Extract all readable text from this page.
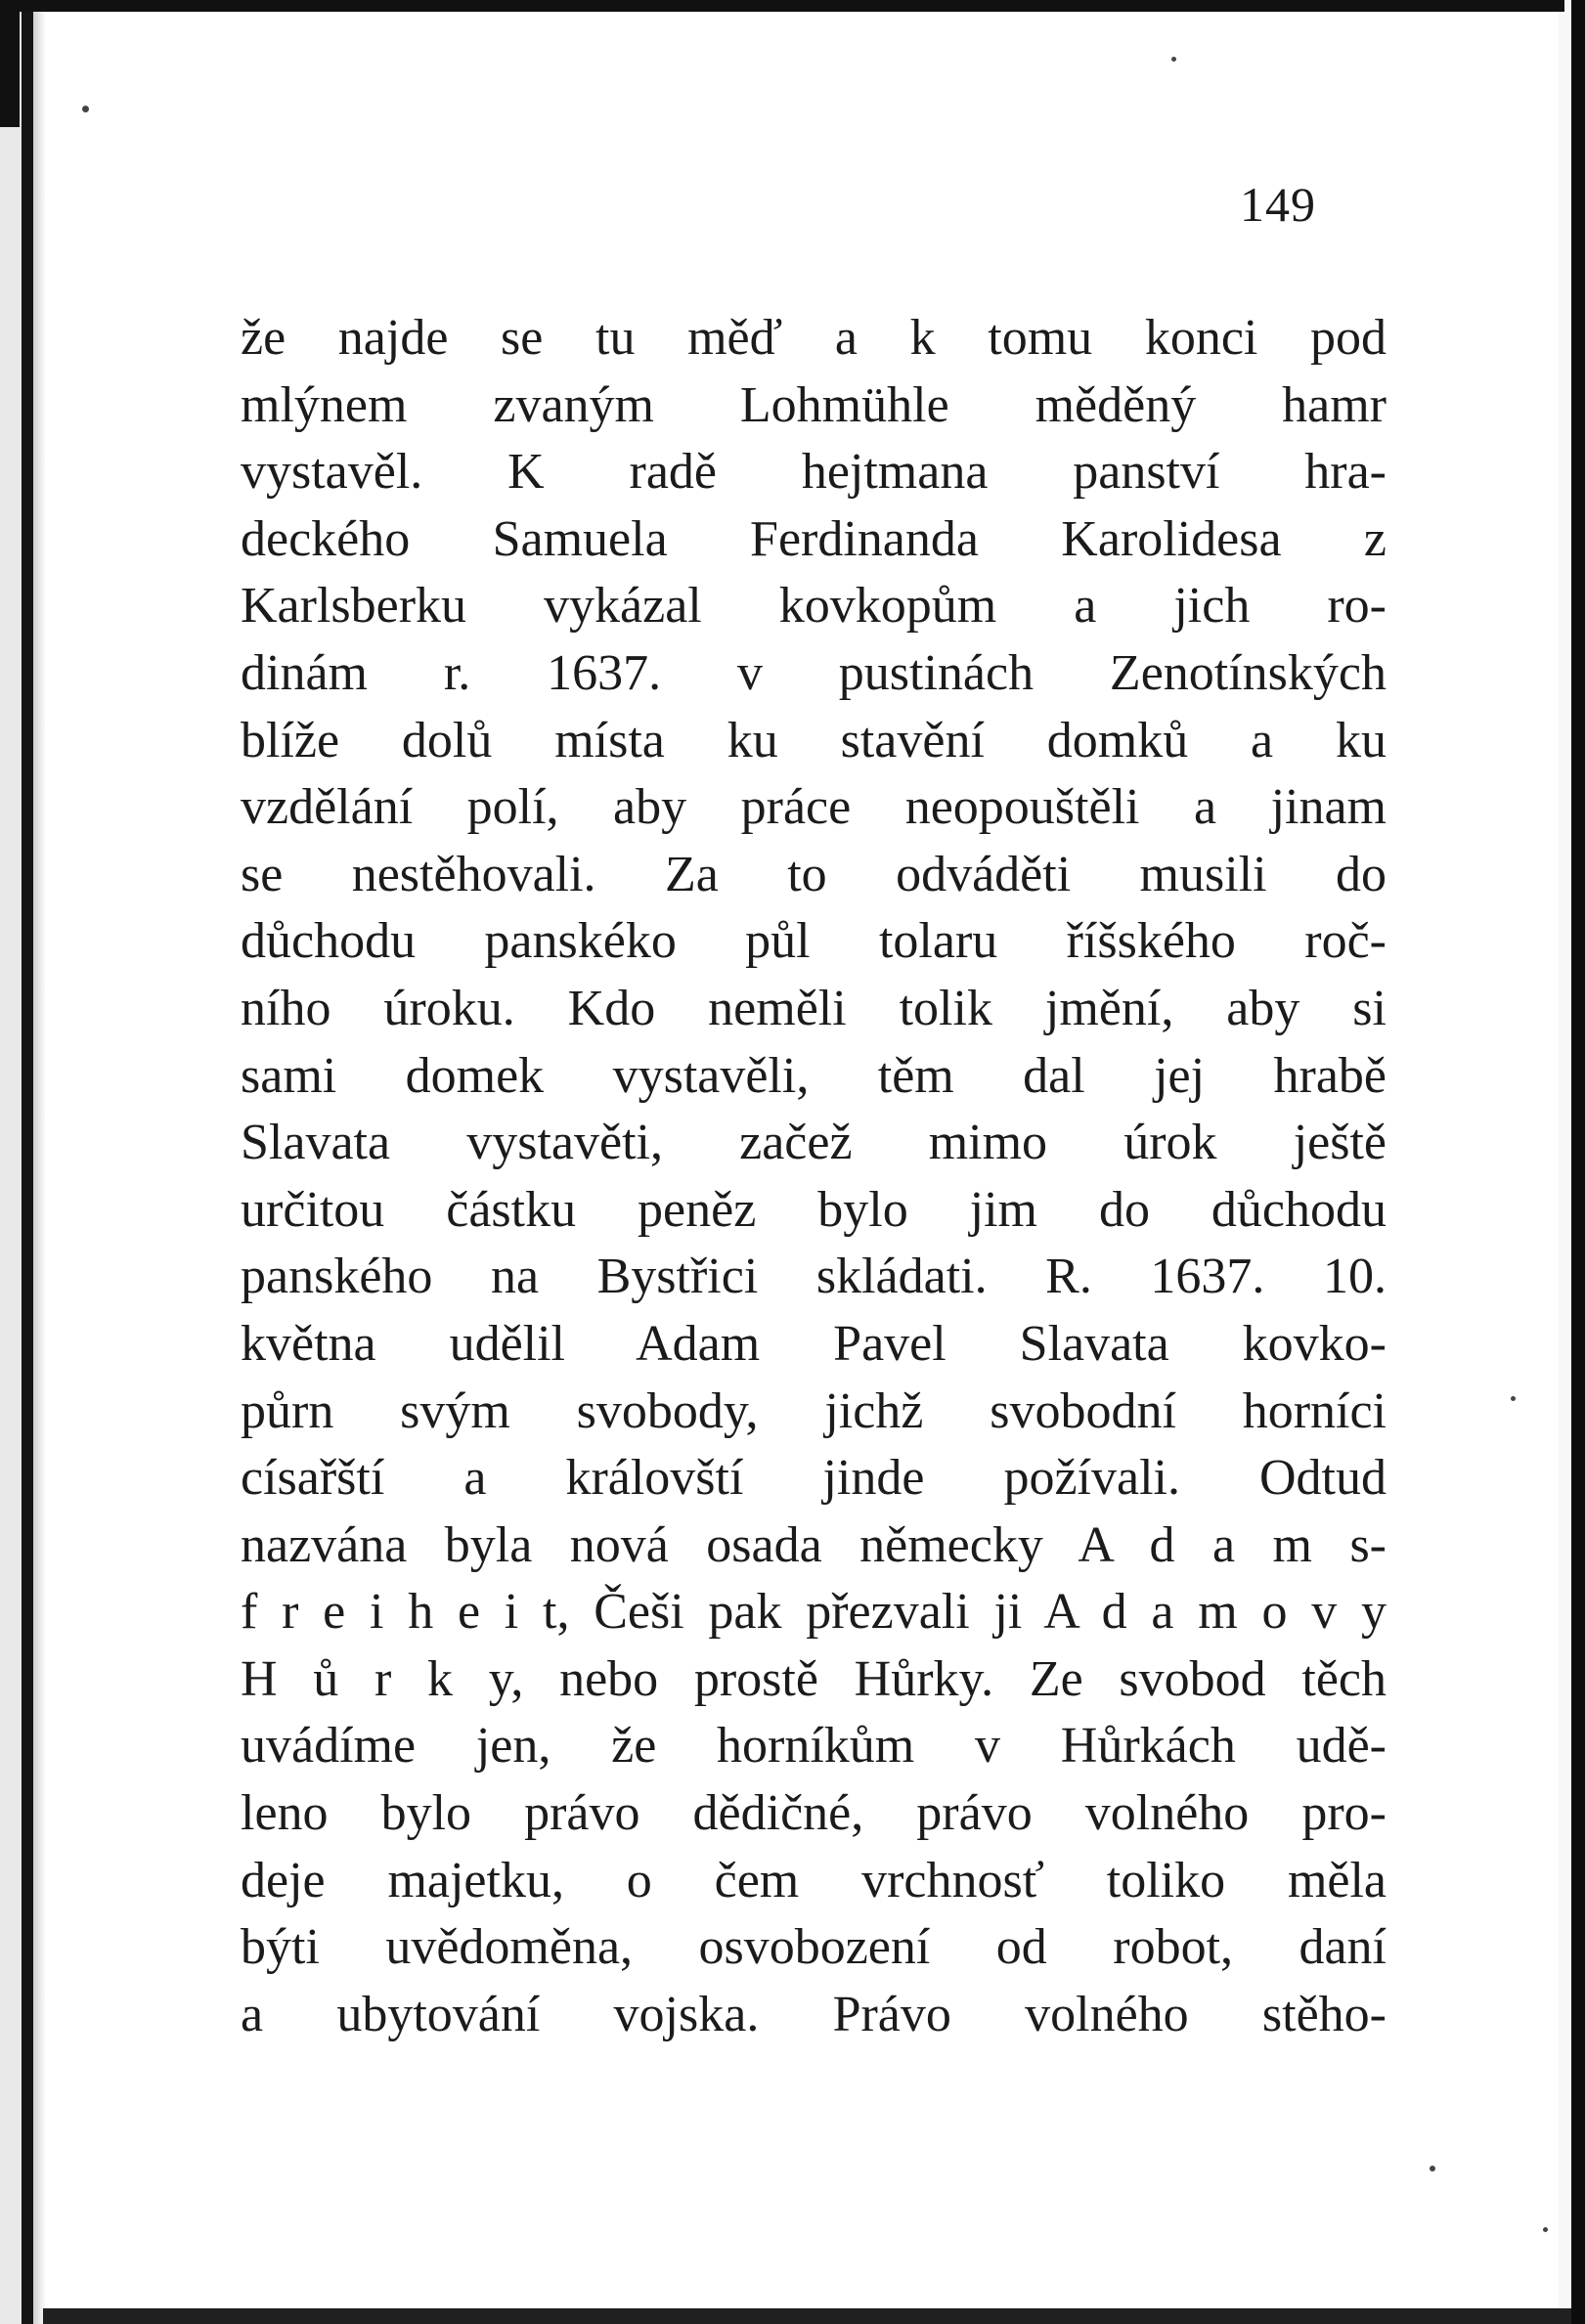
149
že najde se tu měď a k tomu konci pod
mlýnem zvaným Lohmühle měděný hamr
vystavěl. K radě hejtmana panství hra-
deckého Samuela Ferdinanda Karolidesa z
Karlsberku vykázal kovkopům a jich ro-
dinám r. 1637. v pustinách Zenotínských
blíže dolů místa ku stavění domků a ku
vzdělání polí, aby práce neopouštěli a jinam
se nestěhovali. Za to odváděti musili do
důchodu panskéko půl tolaru říšského roč-
ního úroku. Kdo neměli tolik jmění, aby si
sami domek vystavěli, těm dal jej hrabě
Slavata vystavěti, začež mimo úrok ještě
určitou částku peněz bylo jim do důchodu
panského na Bystřici skládati. R. 1637. 10.
května udělil Adam Pavel Slavata kovko-
půrn svým svobody, jichž svobodní horníci
císařští a královští jinde požívali. Odtud
nazvána byla nová osada německy A d a m s-
f r e i h e i t, Češi pak přezvali ji A d a m o v y
H ů r k y, nebo prostě Hůrky. Ze svobod těch
uvádíme jen, že horníkům v Hůrkách udě-
leno bylo právo dědičné, právo volného pro-
deje majetku, o čem vrchnosť toliko měla
býti uvědoměna, osvobození od robot, daní
a ubytování vojska. Právo volného stěho-
